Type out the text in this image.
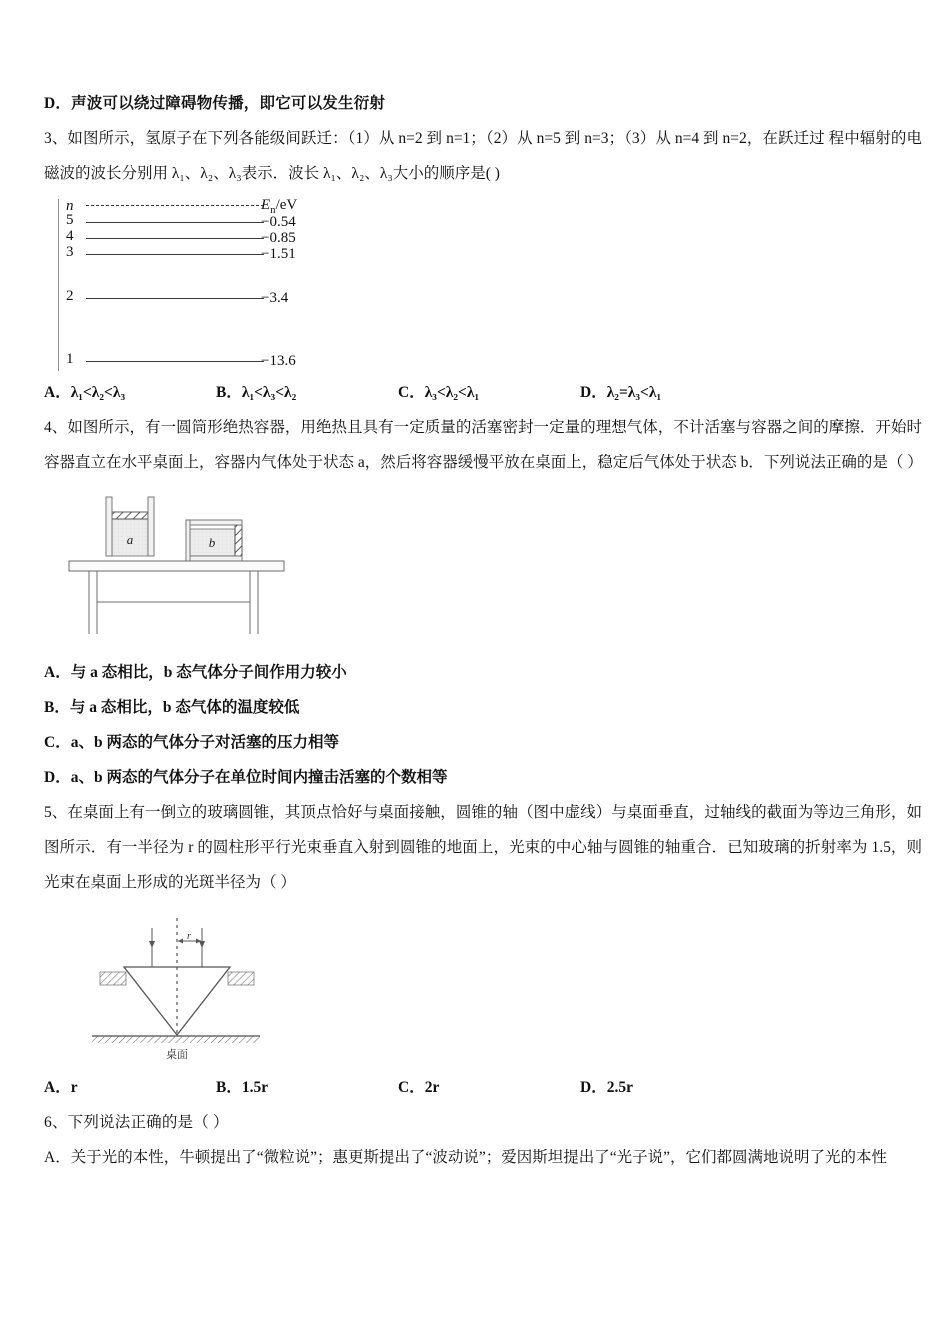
D．声波可以绕过障碍物传播，即它可以发生衍射
3、如图所示，氢原子在下列各能级间跃迁：（1）从 n=2 到 n=1；（2）从 n=5 到 n=3；（3）从 n=4 到 n=2，在跃迁过 程中辐射的电磁波的波长分别用 λ₁、λ₂、λ₃表示．波长 λ₁、λ₂、λ₃大小的顺序是( )
n	$E_n/eV$
5	−0.54
4	−0.85
3	−1.51
2	−3.4
1	−13.6
A．λ₁<λ₂<λ₃	B．λ₁<λ₃<λ₂	C．λ₃<λ₂<λ₁	D．λ₂=λ₃<λ₁
4、如图所示，有一圆筒形绝热容器，用绝热且具有一定质量的活塞密封一定量的理想气体，不计活塞与容器之间的摩擦．开始时容器直立在水平桌面上，容器内气体处于状态 a，然后将容器缓慢平放在桌面上，稳定后气体处于状态 b．下列说法正确的是（ ）
a	b
A．与 a 态相比，b 态气体分子间作用力较小
B．与 a 态相比，b 态气体的温度较低
C．a、b 两态的气体分子对活塞的压力相等
D．a、b 两态的气体分子在单位时间内撞击活塞的个数相等
5、在桌面上有一倒立的玻璃圆锥，其顶点恰好与桌面接触，圆锥的轴（图中虚线）与桌面垂直，过轴线的截面为等边三角形，如图所示．有一半径为 r 的圆柱形平行光束垂直入射到圆锥的地面上，光束的中心轴与圆锥的轴重合．已知玻璃的折射率为 1.5，则光束在桌面上形成的光斑半径为（ ）
r
桌面
A．r	B．1.5r	C．2r	D．2.5r
6、下列说法正确的是（ ）
A．关于光的本性，牛顿提出了“微粒说”；惠更斯提出了“波动说”；爱因斯坦提出了“光子说”，它们都圆满地说明了光的本性
